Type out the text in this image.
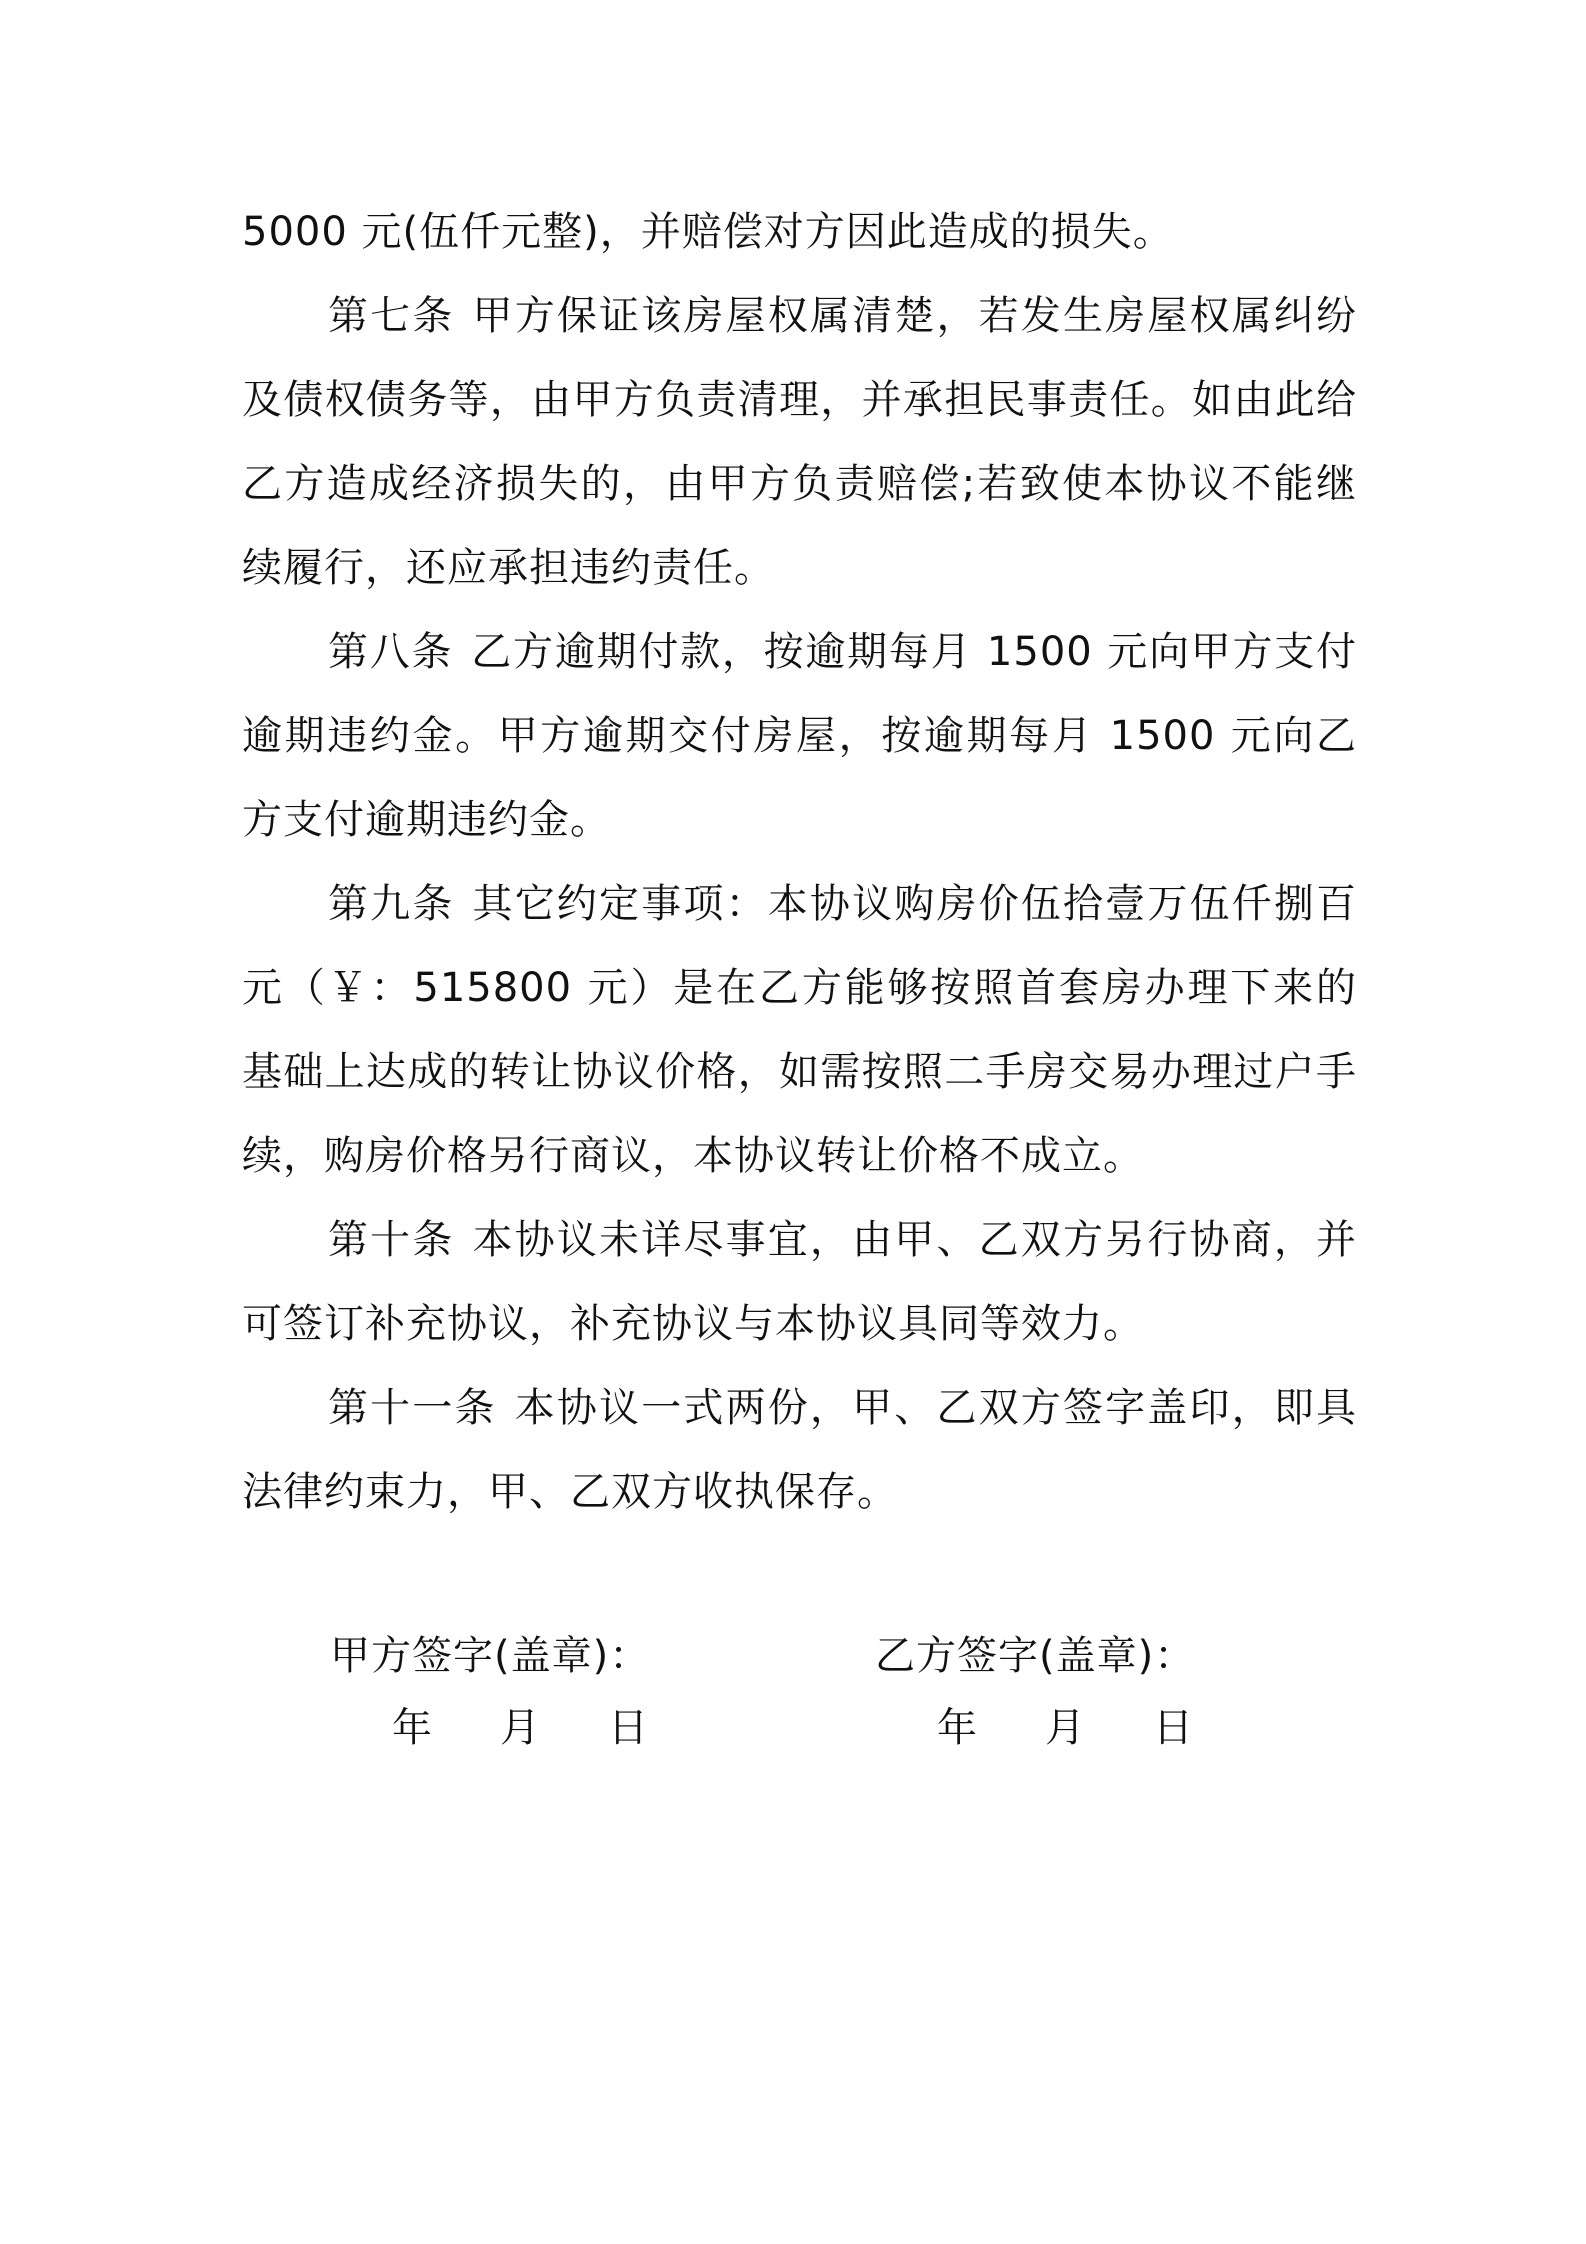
5000 元(伍仟元整)，并赔偿对方因此造成的损失。

第七条 甲方保证该房屋权属清楚，若发生房屋权属纠纷及债权债务等，由甲方负责清理，并承担民事责任。如由此给乙方造成经济损失的，由甲方负责赔偿;若致使本协议不能继续履行，还应承担违约责任。

第八条 乙方逾期付款，按逾期每月 1500 元向甲方支付逾期违约金。甲方逾期交付房屋，按逾期每月 1500 元向乙方支付逾期违约金。

第九条 其它约定事项：本协议购房价伍拾壹万伍仟捌百元（￥：515800 元）是在乙方能够按照首套房办理下来的基础上达成的转让协议价格，如需按照二手房交易办理过户手续，购房价格另行商议，本协议转让价格不成立。

第十条 本协议未详尽事宜，由甲、乙双方另行协商，并可签订补充协议，补充协议与本协议具同等效力。

第十一条 本协议一式两份，甲、乙双方签字盖印，即具法律约束力，甲、乙双方收执保存。

甲方签字(盖章)：
年 月 日
乙方签字(盖章)：
年 月 日
